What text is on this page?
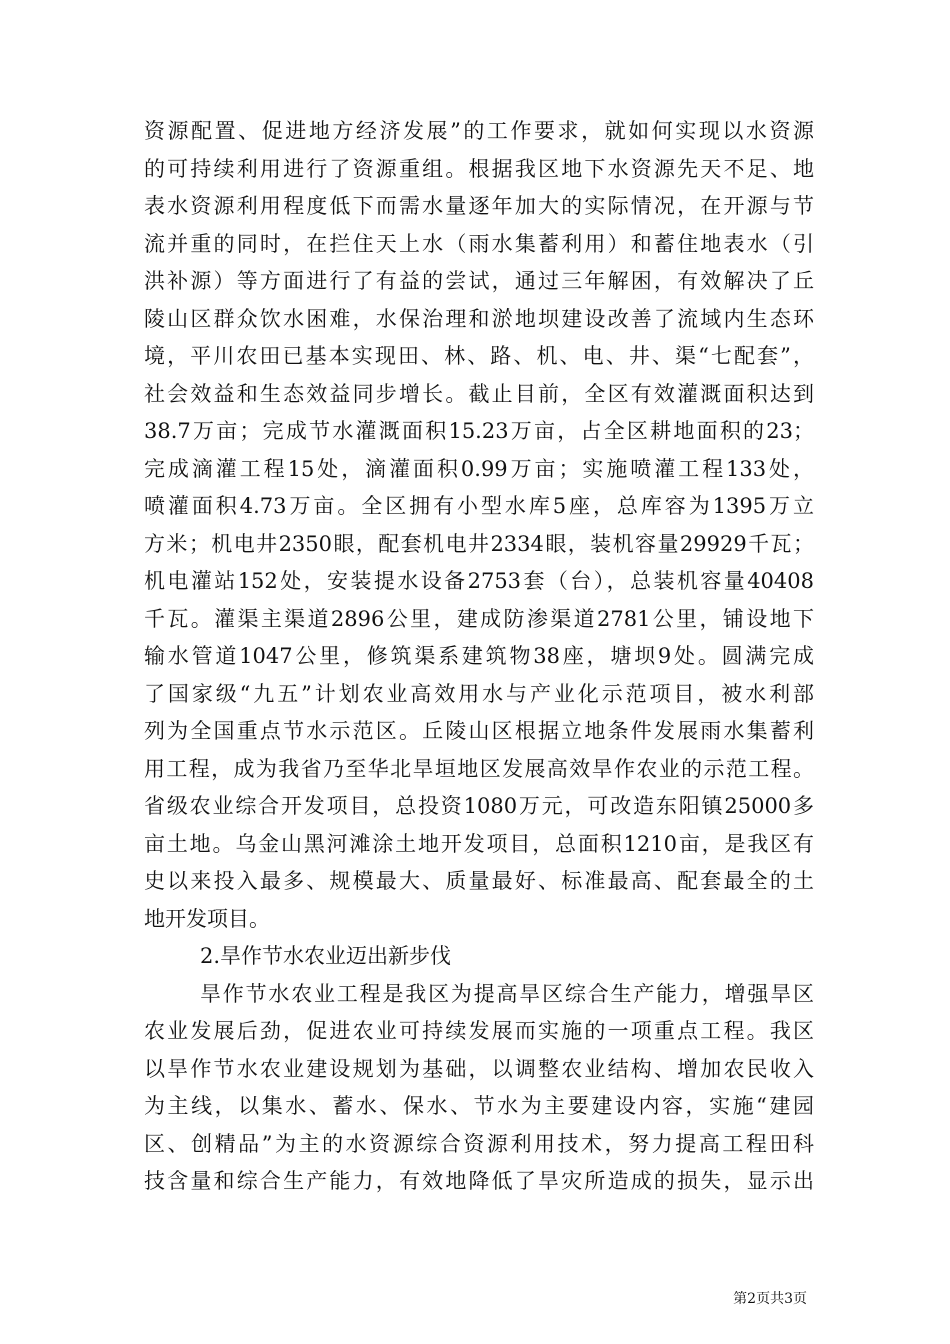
资源配置、促进地方经济发展”的工作要求，就如何实现以水资源
的可持续利用进行了资源重组。根据我区地下水资源先天不足、地
表水资源利用程度低下而需水量逐年加大的实际情况，在开源与节
流并重的同时，在拦住天上水（雨水集蓄利用）和蓄住地表水（引
洪补源）等方面进行了有益的尝试，通过三年解困，有效解决了丘
陵山区群众饮水困难，水保治理和淤地坝建设改善了流域内生态环
境，平川农田已基本实现田、林、路、机、电、井、渠“七配套”，
社会效益和生态效益同步增长。截止目前，全区有效灌溉面积达到
38.7万亩；完成节水灌溉面积15.23万亩，占全区耕地面积的23；
完成滴灌工程15处，滴灌面积0.99万亩；实施喷灌工程133处，
喷灌面积4.73万亩。全区拥有小型水库5座，总库容为1395万立
方米；机电井2350眼，配套机电井2334眼，装机容量29929千瓦；
机电灌站152处，安装提水设备2753套（台），总装机容量40408
千瓦。灌渠主渠道2896公里，建成防渗渠道2781公里，铺设地下
输水管道1047公里，修筑渠系建筑物38座，塘坝9处。圆满完成
了国家级“九五”计划农业高效用水与产业化示范项目，被水利部
列为全国重点节水示范区。丘陵山区根据立地条件发展雨水集蓄利
用工程，成为我省乃至华北旱垣地区发展高效旱作农业的示范工程。
省级农业综合开发项目，总投资1080万元，可改造东阳镇25000多
亩土地。乌金山黑河滩涂土地开发项目，总面积1210亩，是我区有
史以来投入最多、规模最大、质量最好、标准最高、配套最全的土
地开发项目。
2.旱作节水农业迈出新步伐
旱作节水农业工程是我区为提高旱区综合生产能力，增强旱区
农业发展后劲，促进农业可持续发展而实施的一项重点工程。我区
以旱作节水农业建设规划为基础，以调整农业结构、增加农民收入
为主线，以集水、蓄水、保水、节水为主要建设内容，实施“建园
区、创精品”为主的水资源综合资源利用技术，努力提高工程田科
技含量和综合生产能力，有效地降低了旱灾所造成的损失，显示出
第2页共3页
